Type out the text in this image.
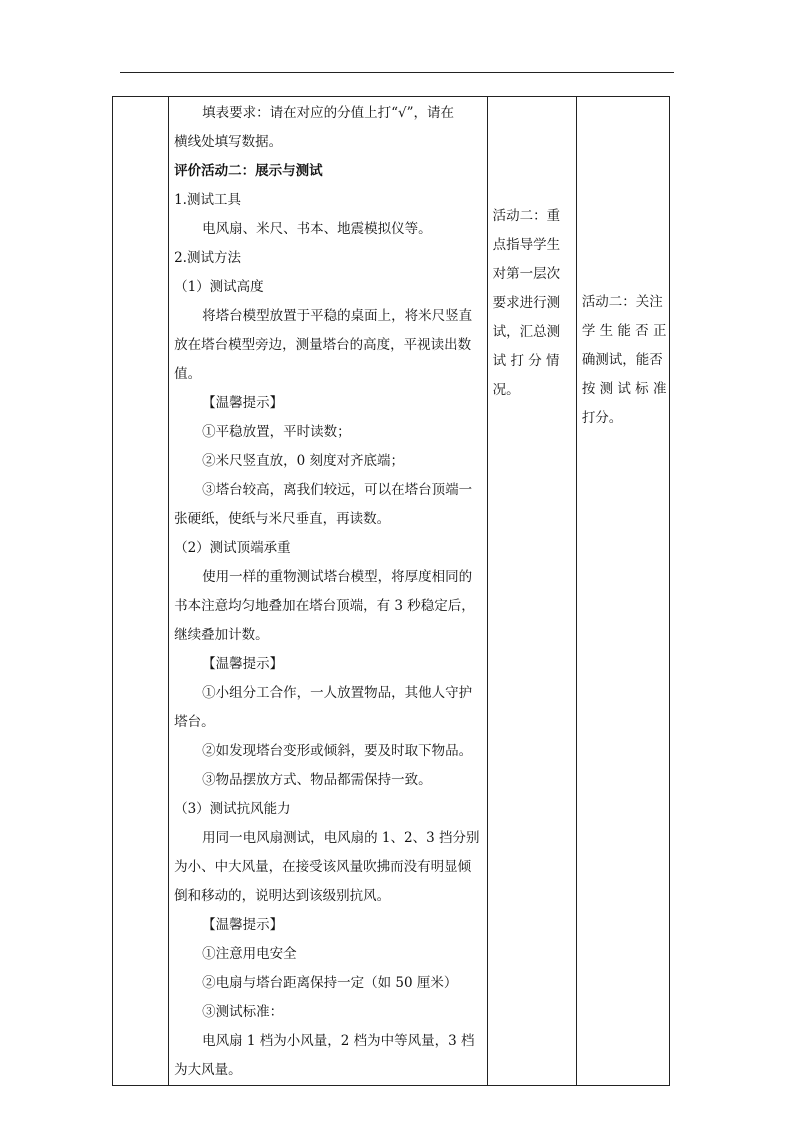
填表要求：请在对应的分值上打“√”，请在
横线处填写数据。
评价活动二：展示与测试
1.测试工具
电风扇、米尺、书本、地震模拟仪等。
2.测试方法
（1）测试高度
将塔台模型放置于平稳的桌面上，将米尺竖直
放在塔台模型旁边，测量塔台的高度，平视读出数
值。
【温馨提示】
①平稳放置，平时读数；
②米尺竖直放，0 刻度对齐底端；
③塔台较高，离我们较远，可以在塔台顶端一
张硬纸，使纸与米尺垂直，再读数。
（2）测试顶端承重
使用一样的重物测试塔台模型，将厚度相同的
书本注意均匀地叠加在塔台顶端，有 3 秒稳定后，
继续叠加计数。
【温馨提示】
①小组分工合作，一人放置物品，其他人守护
塔台。
②如发现塔台变形或倾斜，要及时取下物品。
③物品摆放方式、物品都需保持一致。
（3）测试抗风能力
用同一电风扇测试，电风扇的 1、2、3 挡分别
为小、中大风量，在接受该风量吹拂而没有明显倾
倒和移动的，说明达到该级别抗风。
【温馨提示】
①注意用电安全
②电扇与塔台距离保持一定（如 50 厘米）
③测试标准：
电风扇 1 档为小风量，2 档为中等风量，3 档
为大风量。

活动二：重
点指导学生
对第一层次
要求进行测
试，汇总测
试 打 分 情
况。

活动二：关注
学 生 能 否 正
确测试，能否
按 测 试 标 准
打分。
